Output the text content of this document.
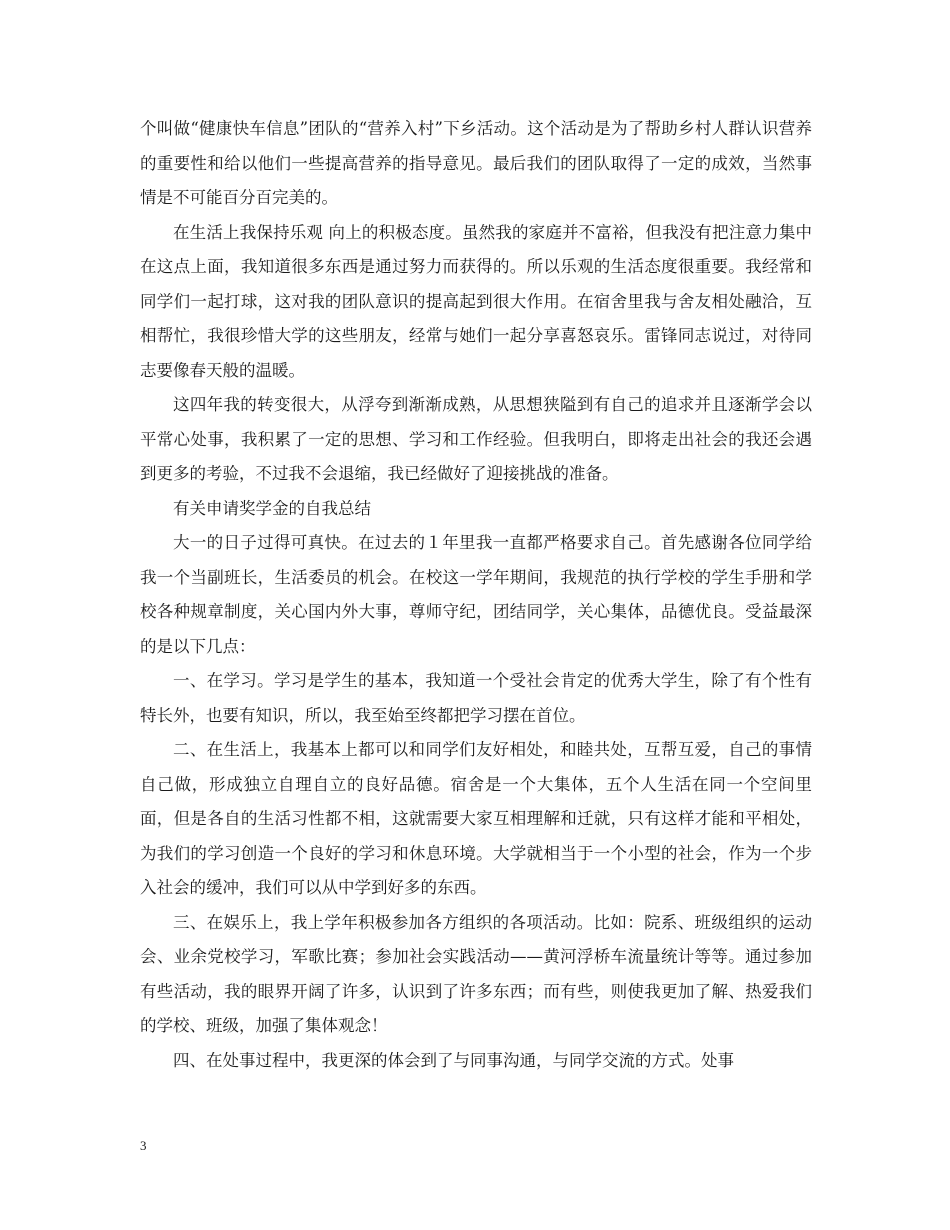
个叫做“健康快车信息”团队的“营养入村”下乡活动。这个活动是为了帮助乡村人群认识营养的重要性和给以他们一些提高营养的指导意见。最后我们的团队取得了一定的成效，当然事情是不可能百分百完美的。

在生活上我保持乐观 向上的积极态度。虽然我的家庭并不富裕，但我没有把注意力集中在这点上面，我知道很多东西是通过努力而获得的。所以乐观的生活态度很重要。我经常和同学们一起打球，这对我的团队意识的提高起到很大作用。在宿舍里我与舍友相处融洽，互相帮忙，我很珍惜大学的这些朋友，经常与她们一起分享喜怒哀乐。雷锋同志说过，对待同志要像春天般的温暖。

这四年我的转变很大，从浮夸到渐渐成熟，从思想狭隘到有自己的追求并且逐渐学会以平常心处事，我积累了一定的思想、学习和工作经验。但我明白，即将走出社会的我还会遇到更多的考验，不过我不会退缩，我已经做好了迎接挑战的准备。

有关申请奖学金的自我总结

大一的日子过得可真快。在过去的１年里我一直都严格要求自己。首先感谢各位同学给我一个当副班长，生活委员的机会。在校这一学年期间，我规范的执行学校的学生手册和学校各种规章制度，关心国内外大事，尊师守纪，团结同学，关心集体，品德优良。受益最深的是以下几点：

一、在学习。学习是学生的基本，我知道一个受社会肯定的优秀大学生，除了有个性有特长外，也要有知识，所以，我至始至终都把学习摆在首位。

二、在生活上，我基本上都可以和同学们友好相处，和睦共处，互帮互爱，自己的事情自己做，形成独立自理自立的良好品德。宿舍是一个大集体，五个人生活在同一个空间里面，但是各自的生活习性都不相，这就需要大家互相理解和迁就，只有这样才能和平相处，为我们的学习创造一个良好的学习和休息环境。大学就相当于一个小型的社会，作为一个步入社会的缓冲，我们可以从中学到好多的东西。

三、在娱乐上，我上学年积极参加各方组织的各项活动。比如：院系、班级组织的运动会、业余党校学习，军歌比赛；参加社会实践活动——黄河浮桥车流量统计等等。通过参加有些活动，我的眼界开阔了许多，认识到了许多东西；而有些，则使我更加了解、热爱我们的学校、班级，加强了集体观念！

四、在处事过程中，我更深的体会到了与同事沟通，与同学交流的方式。处事

3
